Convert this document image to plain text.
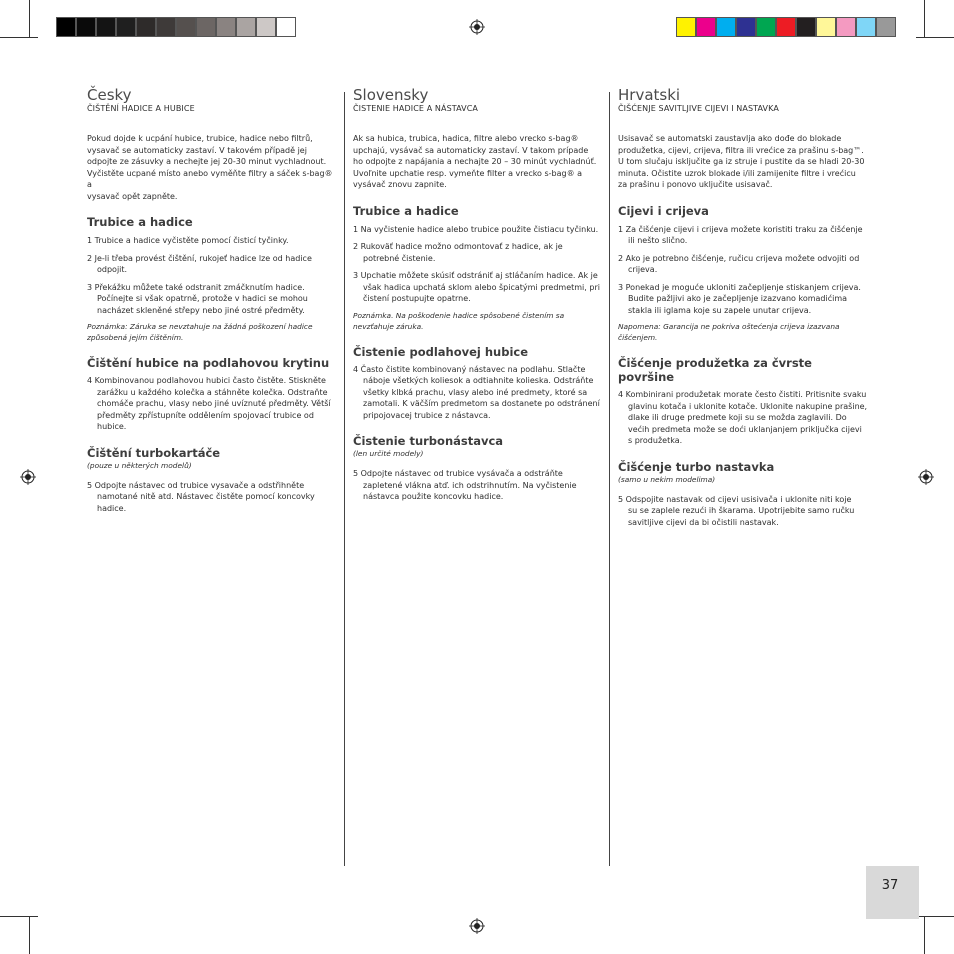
Česky
ČIŠTĚNÍ HADICE A HUBICE
Pokud dojde k ucpání hubice, trubice, hadice nebo filtrů,
vysavač se automaticky zastaví. V takovém případě jej
odpojte ze zásuvky a nechejte jej 20-30 minut vychladnout.
Vyčistěte ucpané místo anebo vyměňte filtry a sáček s-bag® a
vysavač opět zapněte.
Trubice a hadice
1 Trubice a hadice vyčistěte pomocí čisticí tyčinky.
2 Je-li třeba provést čištění, rukojeť hadice lze od hadice
odpojit.
3 Překážku můžete také odstranit zmáčknutím hadice.
Počínejte si však opatrně, protože v hadici se mohou
nacházet skleněné střepy nebo jiné ostré předměty.
Poznámka: Záruka se nevztahuje na žádná poškození hadice
způsobená jejím čištěním.
Čištění hubice na podlahovou krytinu
4 Kombinovanou podlahovou hubici často čistěte. Stiskněte
zarážku u každého kolečka a stáhněte kolečka. Odstraňte
chomáče prachu, vlasy nebo jiné uvíznuté předměty. Větší
předměty zpřístupníte oddělením spojovací trubice od
hubice.
Čištění turbokartáče
(pouze u některých modelů)
5 Odpojte nástavec od trubice vysavače a odstřihněte
namotané nitě atd. Nástavec čistěte pomocí koncovky
hadice.
Slovensky
ČISTENIE HADICE A NÁSTAVCA
Ak sa hubica, trubica, hadica, filtre alebo vrecko s-bag®
upchajú, vysávač sa automaticky zastaví. V takom prípade
ho odpojte z napájania a nechajte 20 – 30 minút vychladnúť.
Uvoľnite upchatie resp. vymeňte filter a vrecko s-bag® a
vysávač znovu zapnite.
Trubice a hadice
1 Na vyčistenie hadice alebo trubice použite čistiacu tyčinku.
2 Rukoväť hadice možno odmontovať z hadice, ak je
potrebné čistenie.
3 Upchatie môžete skúsiť odstrániť aj stláčaním hadice. Ak je
však hadica upchatá sklom alebo špicatými predmetmi, pri
čistení postupujte opatrne.
Poznámka. Na poškodenie hadice spôsobené čistením sa
nevzťahuje záruka.
Čistenie podlahovej hubice
4 Často čistite kombinovaný nástavec na podlahu. Stlačte
náboje všetkých koliesok a odtiahnite kolieska. Odstráňte
všetky klbká prachu, vlasy alebo iné predmety, ktoré sa
zamotali. K väčším predmetom sa dostanete po odstránení
pripojovacej trubice z nástavca.
Čistenie turbonástavca
(len určité modely)
5 Odpojte nástavec od trubice vysávača a odstráňte
zapletené vlákna atď. ich odstrihnutím. Na vyčistenie
nástavca použite koncovku hadice.
Hrvatski
ČIŠĆENJE SAVITLJIVE CIJEVI I NASTAVKA
Usisavač se automatski zaustavlja ako dođe do blokade
produžetka, cijevi, crijeva, filtra ili vrećice za prašinu s-bag™.
U tom slučaju isključite ga iz struje i pustite da se hladi 20-30
minuta. Očistite uzrok blokade i/ili zamijenite filtre i vrećicu
za prašinu i ponovo uključite usisavač.
Cijevi i crijeva
1 Za čišćenje cijevi i crijeva možete koristiti traku za čišćenje
ili nešto slično.
2 Ako je potrebno čišćenje, ručicu crijeva možete odvojiti od
crijeva.
3 Ponekad je moguće ukloniti začepljenje stiskanjem crijeva.
Budite pažljivi ako je začepljenje izazvano komadićima
stakla ili iglama koje su zapele unutar crijeva.
Napomena: Garancija ne pokriva oštećenja crijeva izazvana
čišćenjem.
Čišćenje produžetka za čvrste površine
4 Kombinirani produžetak morate često čistiti. Pritisnite svaku
glavinu kotača i uklonite kotače. Uklonite nakupine prašine,
dlake ili druge predmete koji su se možda zaglavili. Do
većih predmeta može se doći uklanjanjem priključka cijevi
s produžetka.
Čišćenje turbo nastavka
(samo u nekim modelima)
5 Odspojite nastavak od cijevi usisivača i uklonite niti koje
su se zaplele rezući ih škarama. Upotrijebite samo ručku
savitljive cijevi da bi očistili nastavak.
37
